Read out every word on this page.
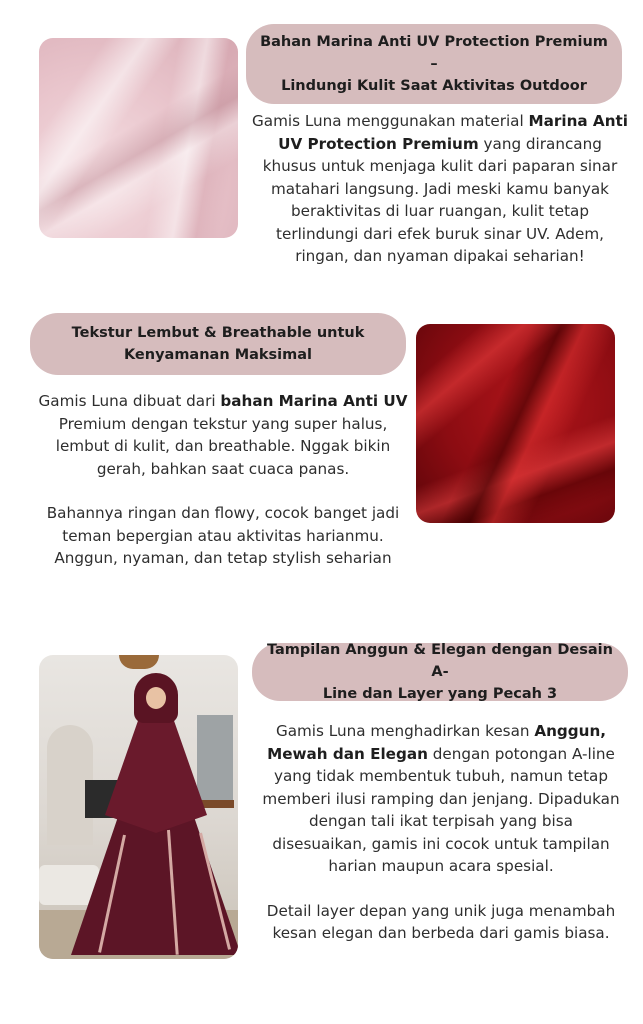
Bahan Marina Anti UV Protection Premium –
Lindungi Kulit Saat Aktivitas Outdoor

Gamis Luna menggunakan material Marina Anti UV Protection Premium yang dirancang khusus untuk menjaga kulit dari paparan sinar matahari langsung. Jadi meski kamu banyak beraktivitas di luar ruangan, kulit tetap terlindungi dari efek buruk sinar UV. Adem, ringan, dan nyaman dipakai seharian!

Tekstur Lembut & Breathable untuk
Kenyamanan Maksimal

Gamis Luna dibuat dari bahan Marina Anti UV Premium dengan tekstur yang super halus, lembut di kulit, dan breathable. Nggak bikin gerah, bahkan saat cuaca panas.

Bahannya ringan dan flowy, cocok banget jadi teman bepergian atau aktivitas harianmu. Anggun, nyaman, dan tetap stylish seharian

Tampilan Anggun & Elegan dengan Desain A-
Line dan Layer yang Pecah 3

Gamis Luna menghadirkan kesan Anggun, Mewah dan Elegan dengan potongan A-line yang tidak membentuk tubuh, namun tetap memberi ilusi ramping dan jenjang. Dipadukan dengan tali ikat terpisah yang bisa disesuaikan, gamis ini cocok untuk tampilan harian maupun acara spesial.

Detail layer depan yang unik juga menambah kesan elegan dan berbeda dari gamis biasa.
